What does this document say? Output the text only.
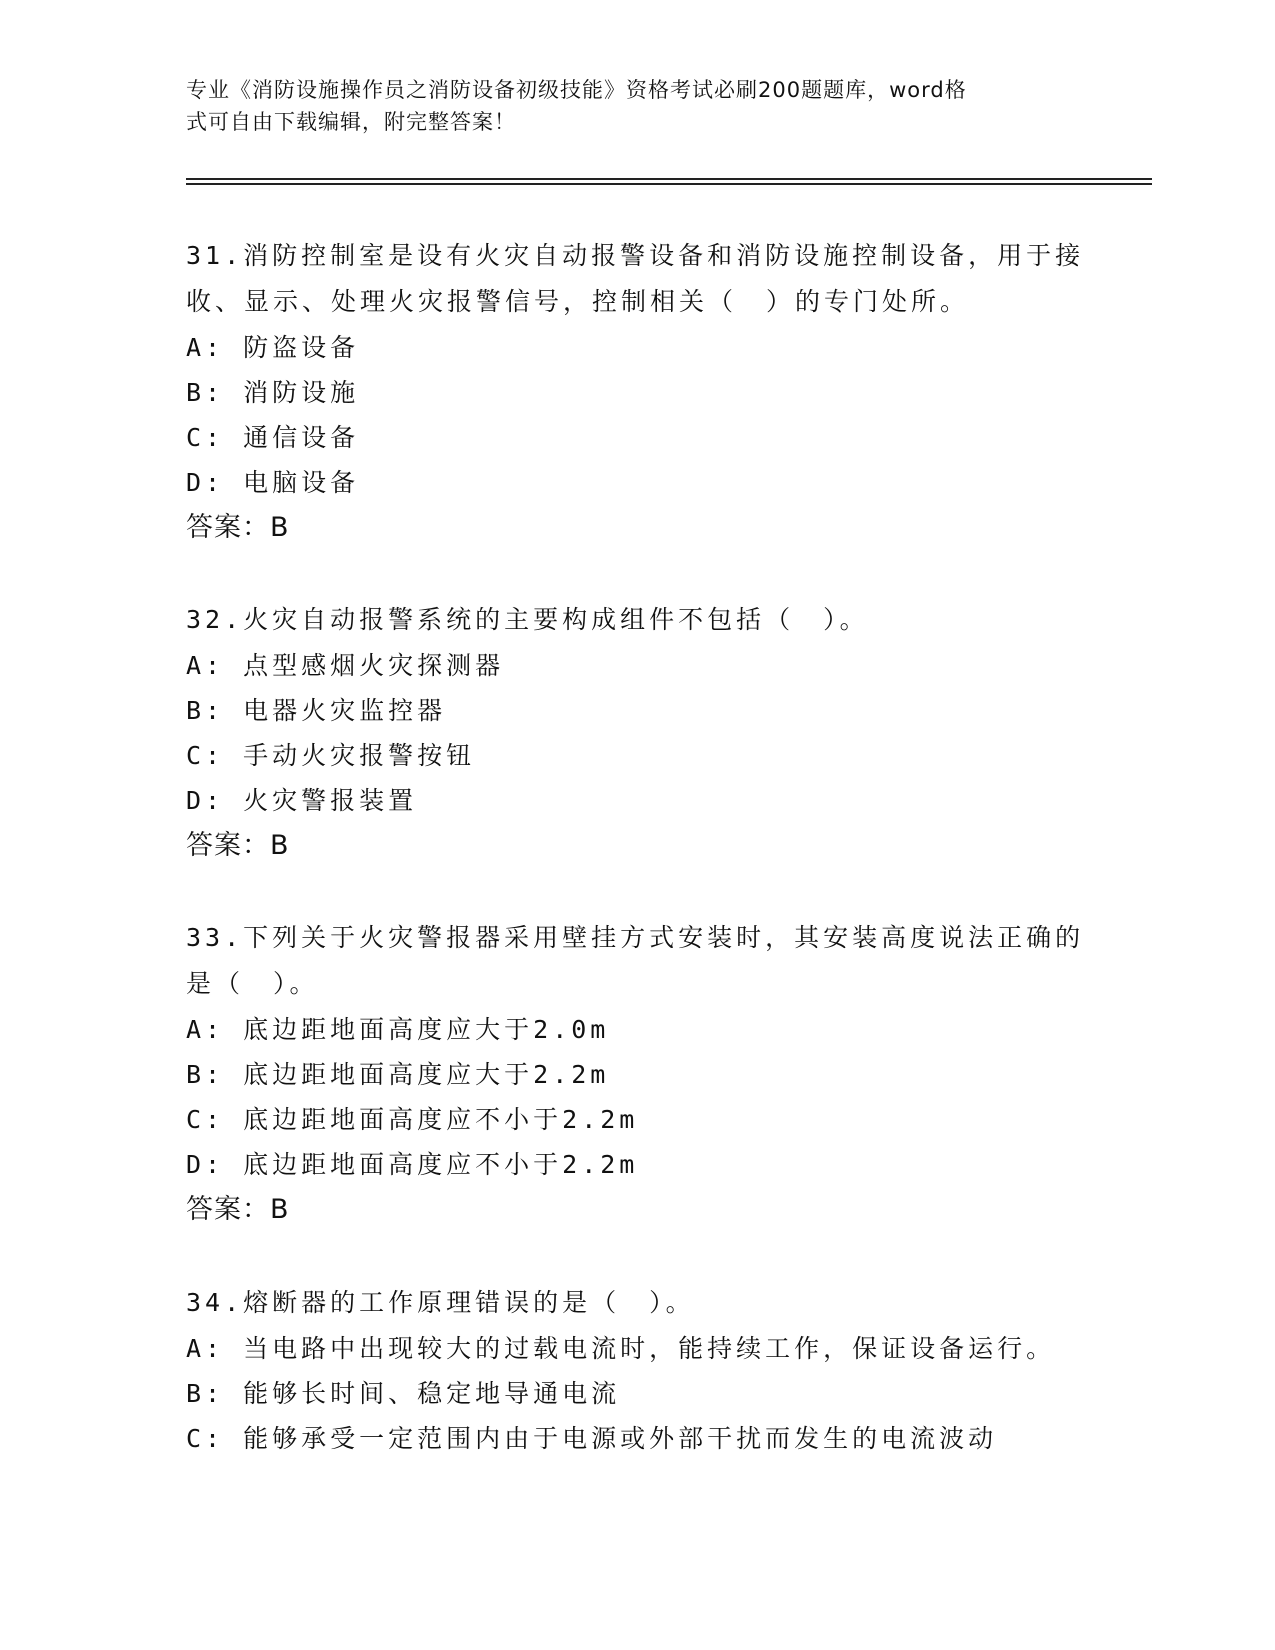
专业《消防设施操作员之消防设备初级技能》资格考试必刷200题题库，word格
式可自由下载编辑，附完整答案！
31.消防控制室是设有火灾自动报警设备和消防设施控制设备，用于接
收、显示、处理火灾报警信号，控制相关（　）的专门处所。
A: 防盗设备
B: 消防设施
C: 通信设备
D: 电脑设备
答案：B
32.火灾自动报警系统的主要构成组件不包括（　）。
A: 点型感烟火灾探测器
B: 电器火灾监控器
C: 手动火灾报警按钮
D: 火灾警报装置
答案：B
33.下列关于火灾警报器采用壁挂方式安装时，其安装高度说法正确的
是（　）。
A: 底边距地面高度应大于2.0m
B: 底边距地面高度应大于2.2m
C: 底边距地面高度应不小于2.2m
D: 底边距地面高度应不小于2.2m
答案：B
34.熔断器的工作原理错误的是（　）。
A: 当电路中出现较大的过载电流时，能持续工作，保证设备运行。
B: 能够长时间、稳定地导通电流
C: 能够承受一定范围内由于电源或外部干扰而发生的电流波动
